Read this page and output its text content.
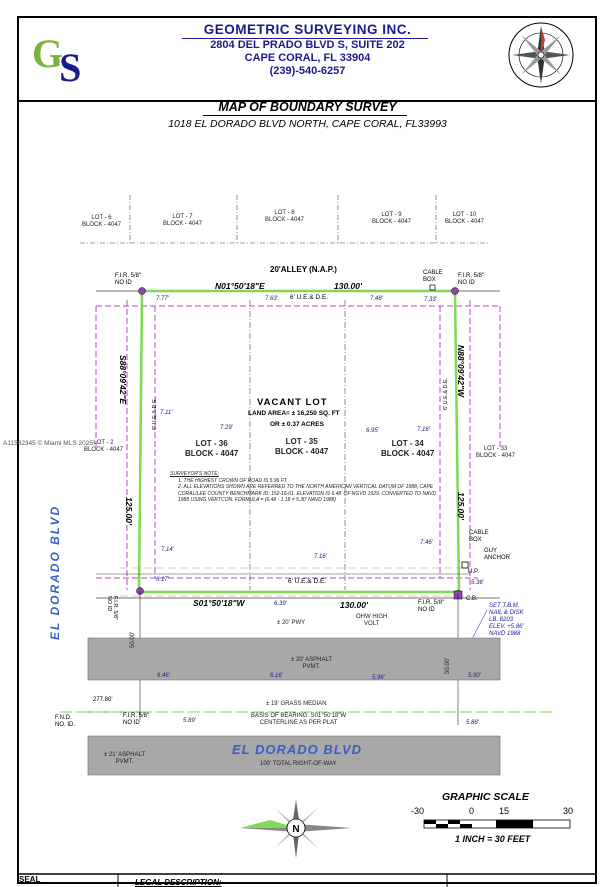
GS
GEOMETRIC SURVEYING INC.
2804 DEL PRADO BLVD S, SUITE 202
CAPE CORAL, FL 33904
(239)-540-6257
MAP OF BOUNDARY SURVEY
1018 EL DORADO BLVD NORTH, CAPE CORAL, FL33993
N
LOT - 6
BLOCK - 4047
LOT - 7
BLOCK - 4047
LOT - 8
BLOCK - 4047
LOT - 9
BLOCK - 4047
LOT - 10
BLOCK - 4047
20'ALLEY (N.A.P.)
F.I.R. 5/8"
NO ID
F.I.R. 5/8"
NO ID
CABLE
BOX
N01°50'18"E	130.00'
S01°50'18"W	130.00'
S88°09'42"E
125.00'
N88°09'42"W
125.00'
6' U.E.& D.E.
6' U.E.& D.E.
6' U.E.& D.E.
6' U.E.& D.E.
7.77'	7.63'	7.48'	7.33'
7.11'
7.29'	6.95'	7.16'
7.14'
7.16'
7.46'
6.17'
6.39'
5.36'
6.46'	6.16'	5.96'	5.90'
5.89'	5.88'
LOT - 2
BLOCK - 4047	LOT - 33
BLOCK - 4047
LOT - 36
BLOCK - 4047
LOT - 35
BLOCK - 4047
LOT - 34
BLOCK - 4047
VACANT LOT
LAND AREA= ± 16,250 SQ. FT
OR ± 0.37 ACRES
A11582345 © Miami MLS 2025
SURVEYOR'S NOTE:
1. THE HIGHEST CROWN OF ROAD IS 5.96 FT.
2. ALL ELEVATIONS SHOWN ARE REFERRED TO THE NORTH AMERICAN VERTICAL DATUM OF 1988, CAPE CORAL/LEE COUNTY BENCHMARK ID: 152-16-01. ELEVATION IS 6.48' OF NGVD 1929. CONVERTED TO NAVD 1988 USING VERTCON. FORMULA = (6.48 - 1.18 = 5.30' NAVD 1988)
CABLE
BOX
GUY
ANCHOR
U.P.
C.B.
F.I.R. 5/8"
NO ID
F.I.R. 5/8"
NO ID	SET T.B.M.
NAIL & DISK
LB. 8203
ELEV. +5.86'
NAVD 1988
± 20' PWY
OHW HIGH
VOLT
± 20' ASPHALT
PVMT.
50.00'
50.00'
± 19' GRASS MEDIAN
BASIS OF BEARING: S01°50'18"W
CENTERLINE AS PER PLAT
± 21' ASPHALT
PVMT.
EL DORADO BLVD
100' TOTAL RIGHT-OF-WAY
EL DORADO BLVD
277.80'
F.N.D.
NO. ID.
F.I.R. 5/8"
NO ID
GRAPHIC SCALE
-30	0	15	30
1 INCH = 30 FEET
SEAL	LEGAL DESCRIPTION:
